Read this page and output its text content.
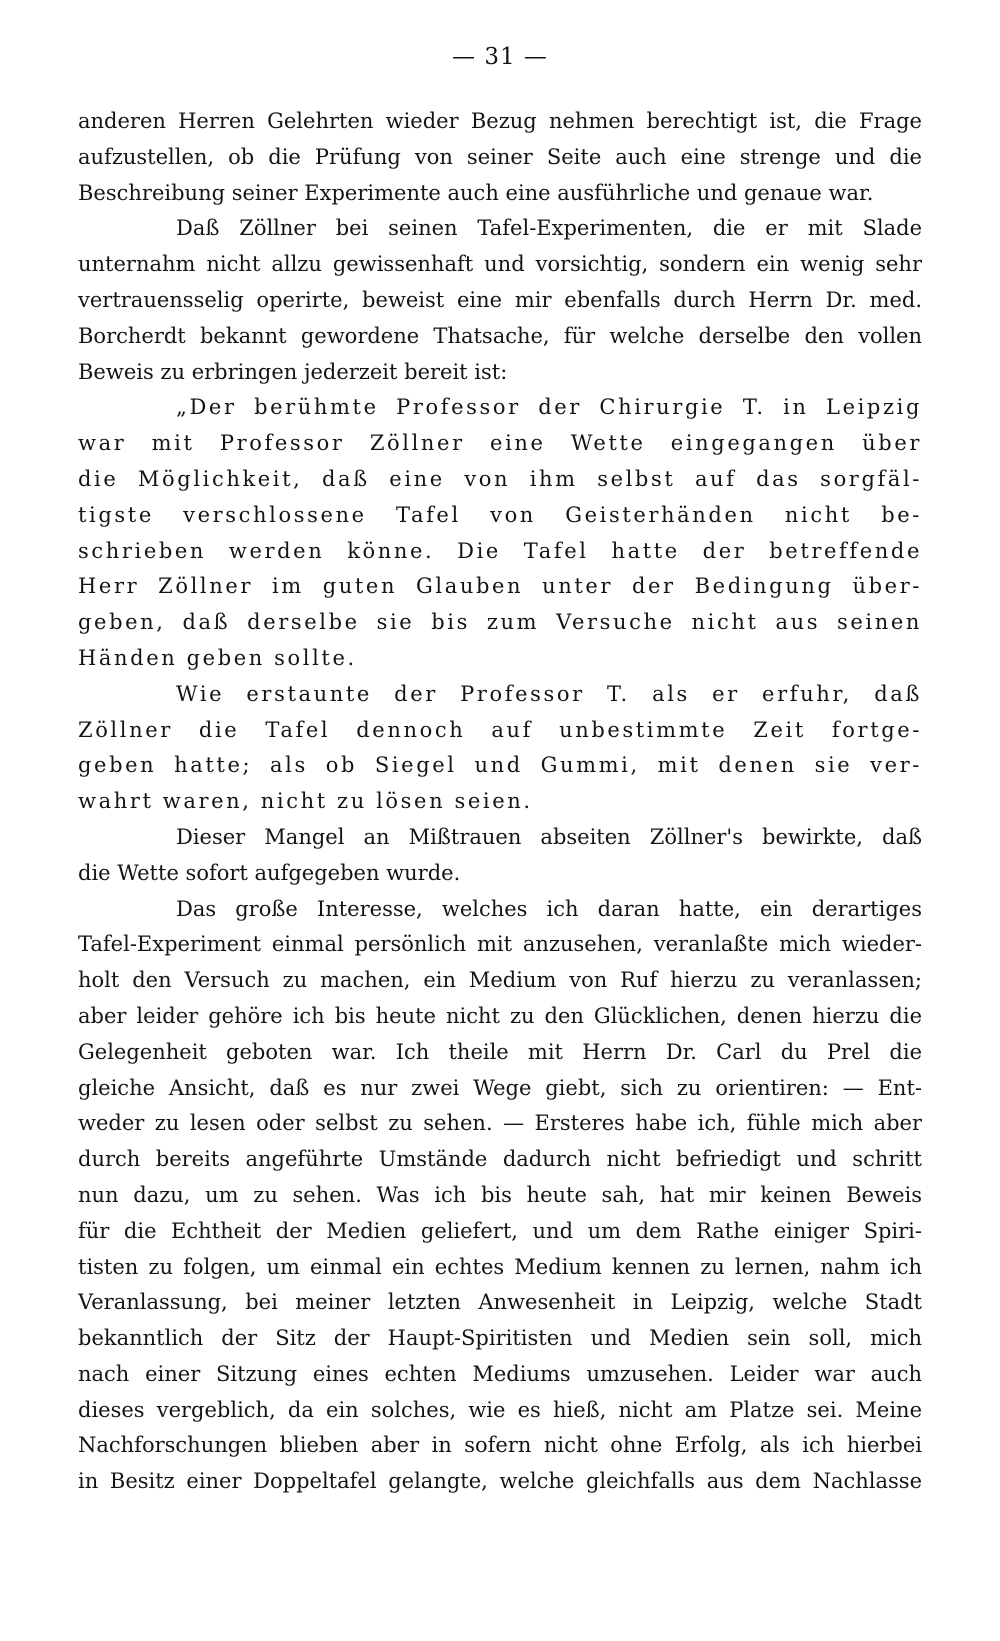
— 31 —
anderen Herren Gelehrten wieder Bezug nehmen berechtigt ist, die Frage
aufzustellen, ob die Prüfung von seiner Seite auch eine strenge und die
Beschreibung seiner Experimente auch eine ausführliche und genaue war.
Daß Zöllner bei seinen Tafel-Experimenten, die er mit Slade
unternahm nicht allzu gewissenhaft und vorsichtig, sondern ein wenig sehr
vertrauensselig operirte, beweist eine mir ebenfalls durch Herrn Dr. med.
Borcherdt bekannt gewordene Thatsache, für welche derselbe den vollen
Beweis zu erbringen jederzeit bereit ist:
„Der berühmte Professor der Chirurgie T. in Leipzig
war mit Professor Zöllner eine Wette eingegangen über
die Möglichkeit, daß eine von ihm selbst auf das sorgfäl-
tigste verschlossene Tafel von Geisterhänden nicht be-
schrieben werden könne. Die Tafel hatte der betreffende
Herr Zöllner im guten Glauben unter der Bedingung über-
geben, daß derselbe sie bis zum Versuche nicht aus seinen
Händen geben sollte.
Wie erstaunte der Professor T. als er erfuhr, daß
Zöllner die Tafel dennoch auf unbestimmte Zeit fortge-
geben hatte; als ob Siegel und Gummi, mit denen sie ver-
wahrt waren, nicht zu lösen seien.
Dieser Mangel an Mißtrauen abseiten Zöllner's bewirkte, daß
die Wette sofort aufgegeben wurde.
Das große Interesse, welches ich daran hatte, ein derartiges
Tafel-Experiment einmal persönlich mit anzusehen, veranlaßte mich wieder-
holt den Versuch zu machen, ein Medium von Ruf hierzu zu veranlassen;
aber leider gehöre ich bis heute nicht zu den Glücklichen, denen hierzu die
Gelegenheit geboten war. Ich theile mit Herrn Dr. Carl du Prel die
gleiche Ansicht, daß es nur zwei Wege giebt, sich zu orientiren: — Ent-
weder zu lesen oder selbst zu sehen. — Ersteres habe ich, fühle mich aber
durch bereits angeführte Umstände dadurch nicht befriedigt und schritt
nun dazu, um zu sehen. Was ich bis heute sah, hat mir keinen Beweis
für die Echtheit der Medien geliefert, und um dem Rathe einiger Spiri-
tisten zu folgen, um einmal ein echtes Medium kennen zu lernen, nahm ich
Veranlassung, bei meiner letzten Anwesenheit in Leipzig, welche Stadt
bekanntlich der Sitz der Haupt-Spiritisten und Medien sein soll, mich
nach einer Sitzung eines echten Mediums umzusehen. Leider war auch
dieses vergeblich, da ein solches, wie es hieß, nicht am Platze sei. Meine
Nachforschungen blieben aber in sofern nicht ohne Erfolg, als ich hierbei
in Besitz einer Doppeltafel gelangte, welche gleichfalls aus dem Nachlasse
